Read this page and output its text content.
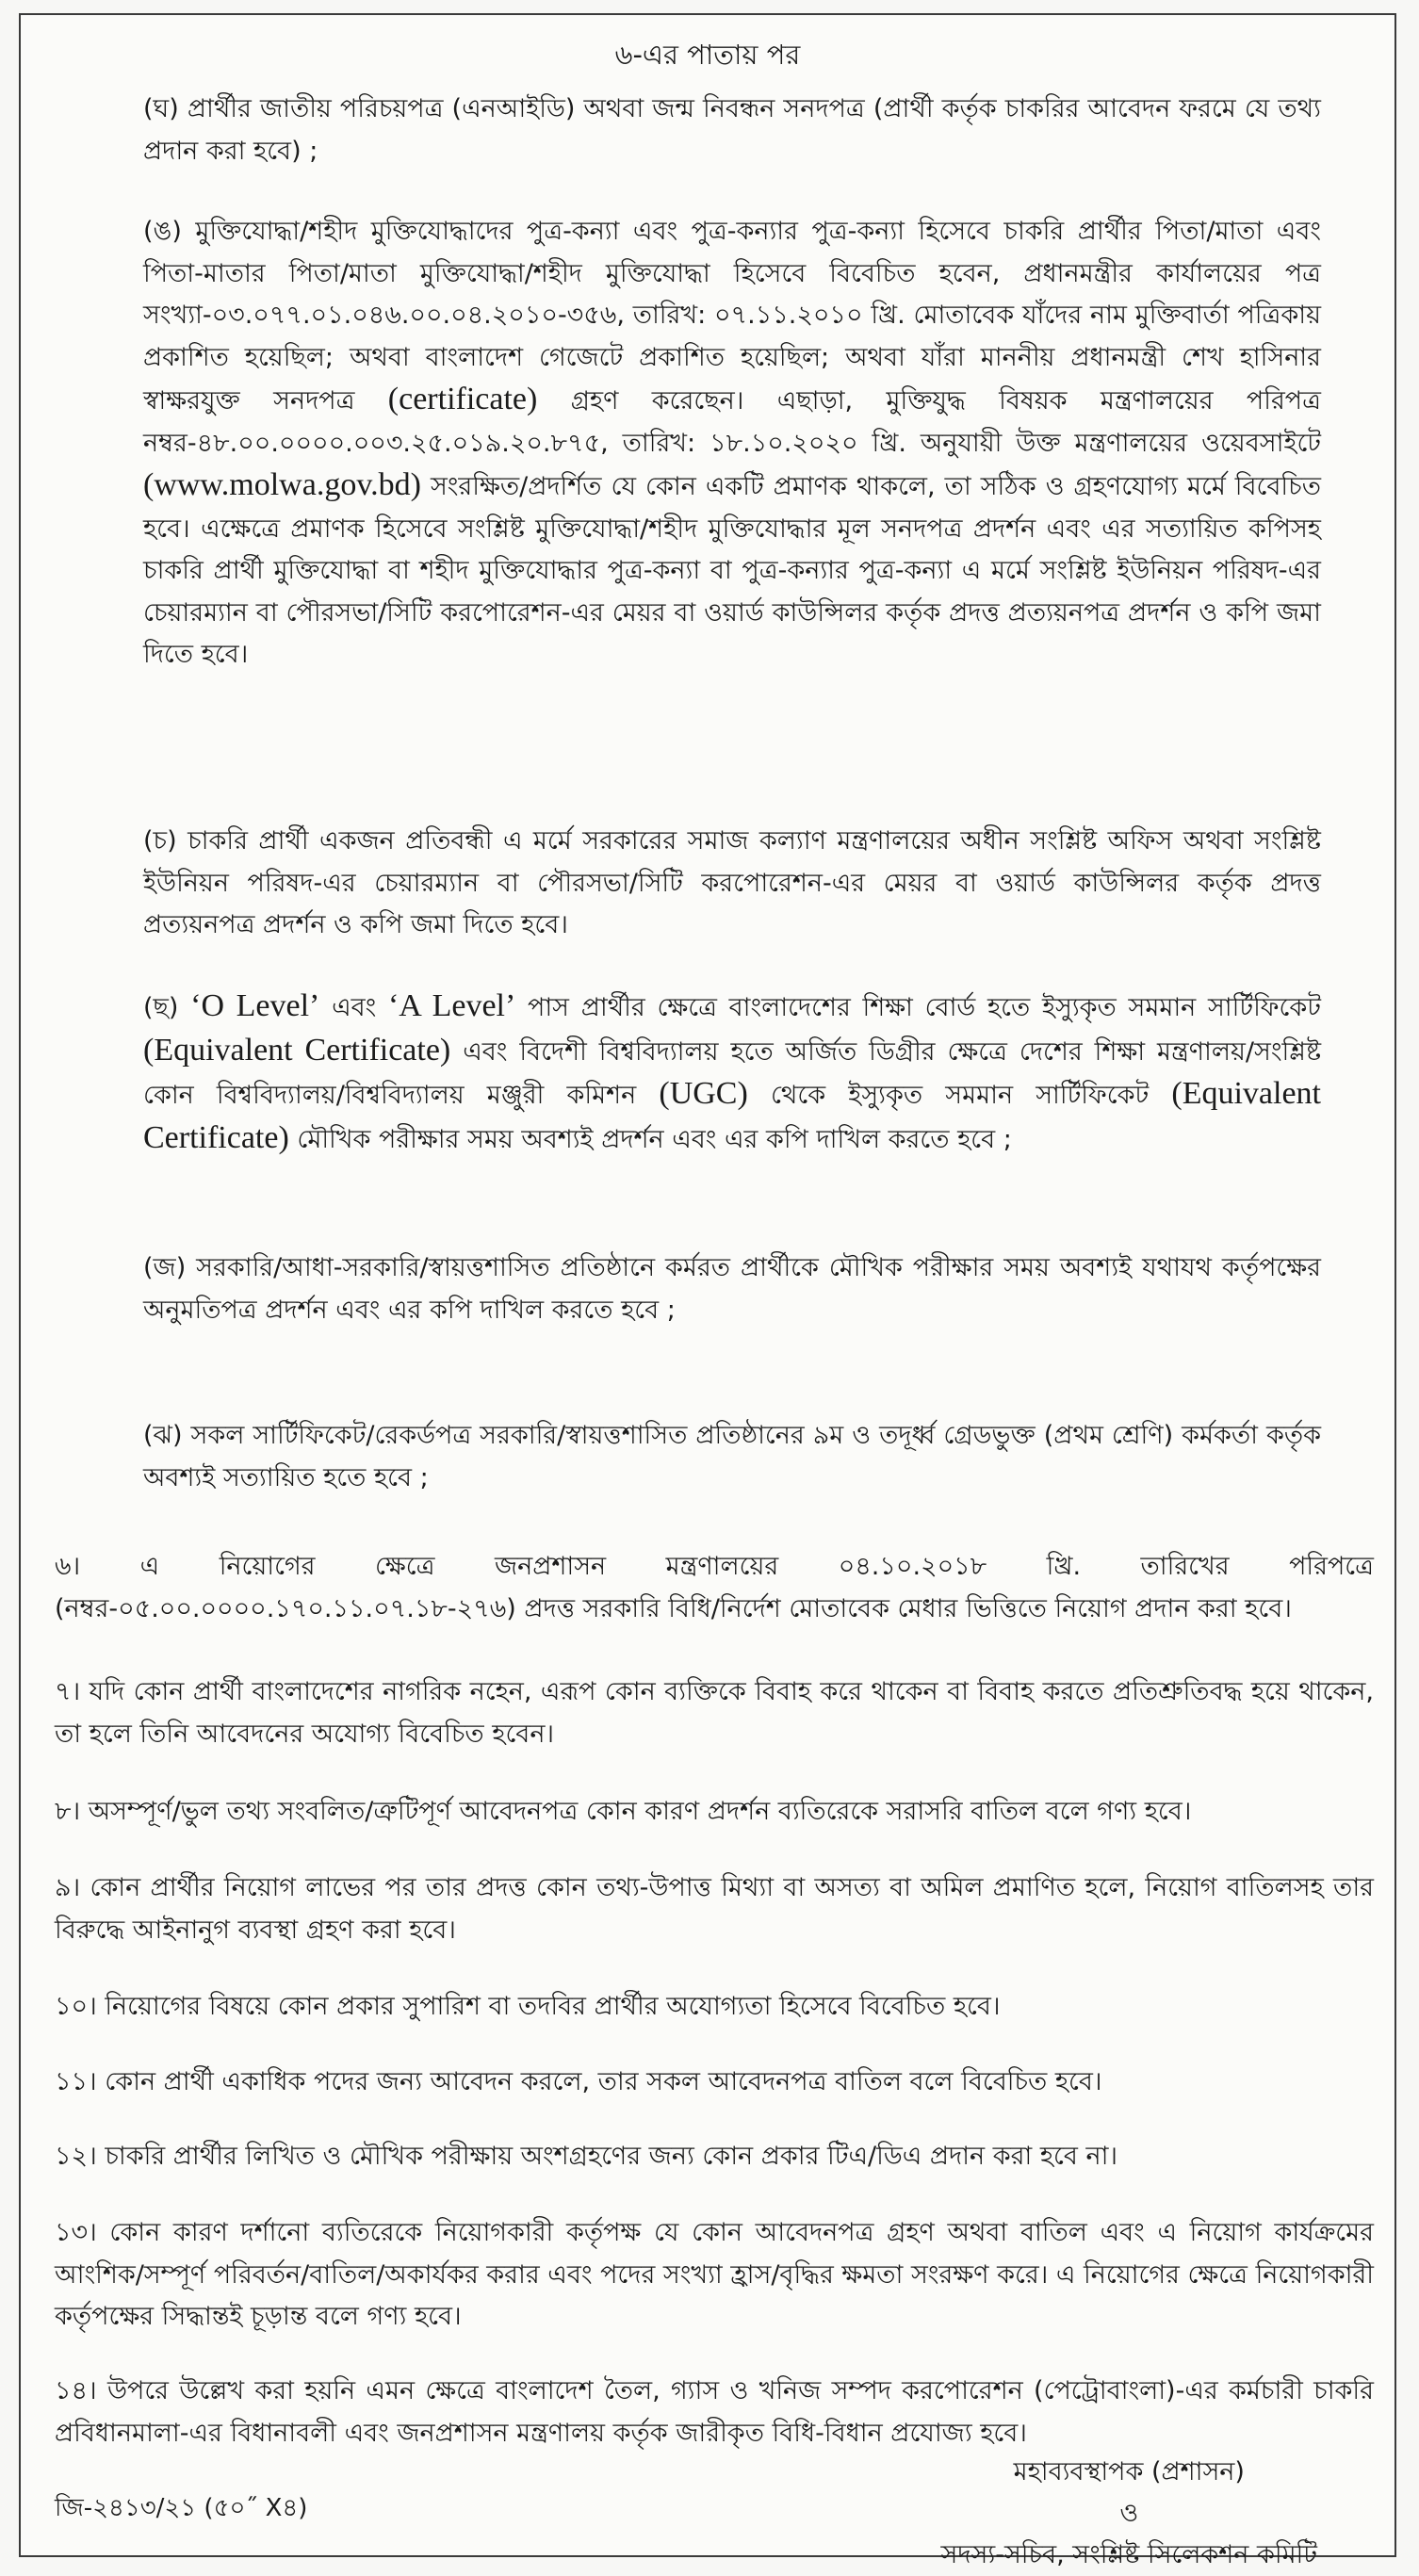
৬-এর পাতায় পর

(ঘ) প্রার্থীর জাতীয় পরিচয়পত্র (এনআইডি) অথবা জন্ম নিবন্ধন সনদপত্র (প্রার্থী কর্তৃক চাকরির আবেদন ফরমে যে তথ্য প্রদান করা হবে) ;

(ঙ) মুক্তিযোদ্ধা/শহীদ মুক্তিযোদ্ধাদের পুত্র-কন্যা এবং পুত্র-কন্যার পুত্র-কন্যা হিসেবে চাকরি প্রার্থীর পিতা/মাতা এবং পিতা-মাতার পিতা/মাতা মুক্তিযোদ্ধা/শহীদ মুক্তিযোদ্ধা হিসেবে বিবেচিত হবেন, প্রধানমন্ত্রীর কার্যালয়ের পত্র সংখ্যা-০৩.০৭৭.০১.০৪৬.০০.০৪.২০১০-৩৫৬, তারিখ: ০৭.১১.২০১০ খ্রি. মোতাবেক যাঁদের নাম মুক্তিবার্তা পত্রিকায় প্রকাশিত হয়েছিল; অথবা বাংলাদেশ গেজেটে প্রকাশিত হয়েছিল; অথবা যাঁরা মাননীয় প্রধানমন্ত্রী শেখ হাসিনার স্বাক্ষরযুক্ত সনদপত্র (certificate) গ্রহণ করেছেন। এছাড়া, মুক্তিযুদ্ধ বিষয়ক মন্ত্রণালয়ের পরিপত্র নম্বর-৪৮.০০.০০০০.০০৩.২৫.০১৯.২০.৮৭৫, তারিখ: ১৮.১০.২০২০ খ্রি. অনুযায়ী উক্ত মন্ত্রণালয়ের ওয়েবসাইটে (www.molwa.gov.bd) সংরক্ষিত/প্রদর্শিত যে কোন একটি প্রমাণক থাকলে, তা সঠিক ও গ্রহণযোগ্য মর্মে বিবেচিত হবে। এক্ষেত্রে প্রমাণক হিসেবে সংশ্লিষ্ট মুক্তিযোদ্ধা/শহীদ মুক্তিযোদ্ধার মূল সনদপত্র প্রদর্শন এবং এর সত্যায়িত কপিসহ চাকরি প্রার্থী মুক্তিযোদ্ধা বা শহীদ মুক্তিযোদ্ধার পুত্র-কন্যা বা পুত্র-কন্যার পুত্র-কন্যা এ মর্মে সংশ্লিষ্ট ইউনিয়ন পরিষদ-এর চেয়ারম্যান বা পৌরসভা/সিটি করপোরেশন-এর মেয়র বা ওয়ার্ড কাউন্সিলর কর্তৃক প্রদত্ত প্রত্যয়নপত্র প্রদর্শন ও কপি জমা দিতে হবে।

(চ) চাকরি প্রার্থী একজন প্রতিবন্ধী এ মর্মে সরকারের সমাজ কল্যাণ মন্ত্রণালয়ের অধীন সংশ্লিষ্ট অফিস অথবা সংশ্লিষ্ট ইউনিয়ন পরিষদ-এর চেয়ারম্যান বা পৌরসভা/সিটি করপোরেশন-এর মেয়র বা ওয়ার্ড কাউন্সিলর কর্তৃক প্রদত্ত প্রত্যয়নপত্র প্রদর্শন ও কপি জমা দিতে হবে।

(ছ) ‘O Level’ এবং ‘A Level’ পাস প্রার্থীর ক্ষেত্রে বাংলাদেশের শিক্ষা বোর্ড হতে ইস্যুকৃত সমমান সার্টিফিকেট (Equivalent Certificate) এবং বিদেশী বিশ্ববিদ্যালয় হতে অর্জিত ডিগ্রীর ক্ষেত্রে দেশের শিক্ষা মন্ত্রণালয়/সংশ্লিষ্ট কোন বিশ্ববিদ্যালয়/বিশ্ববিদ্যালয় মঞ্জুরী কমিশন (UGC) থেকে ইস্যুকৃত সমমান সার্টিফিকেট (Equivalent Certificate) মৌখিক পরীক্ষার সময় অবশ্যই প্রদর্শন এবং এর কপি দাখিল করতে হবে ;

(জ) সরকারি/আধা-সরকারি/স্বায়ত্তশাসিত প্রতিষ্ঠানে কর্মরত প্রার্থীকে মৌখিক পরীক্ষার সময় অবশ্যই যথাযথ কর্তৃপক্ষের অনুমতিপত্র প্রদর্শন এবং এর কপি দাখিল করতে হবে ;

(ঝ) সকল সার্টিফিকেট/রেকর্ডপত্র সরকারি/স্বায়ত্তশাসিত প্রতিষ্ঠানের ৯ম ও তদূর্ধ্ব গ্রেডভুক্ত (প্রথম শ্রেণি) কর্মকর্তা কর্তৃক অবশ্যই সত্যায়িত হতে হবে ;

৬। এ নিয়োগের ক্ষেত্রে জনপ্রশাসন মন্ত্রণালয়ের ০৪.১০.২০১৮ খ্রি. তারিখের পরিপত্রে (নম্বর-০৫.০০.০০০০.১৭০.১১.০৭.১৮-২৭৬) প্রদত্ত সরকারি বিধি/নির্দেশ মোতাবেক মেধার ভিত্তিতে নিয়োগ প্রদান করা হবে।

৭। যদি কোন প্রার্থী বাংলাদেশের নাগরিক নহেন, এরূপ কোন ব্যক্তিকে বিবাহ করে থাকেন বা বিবাহ করতে প্রতিশ্রুতিবদ্ধ হয়ে থাকেন, তা হলে তিনি আবেদনের অযোগ্য বিবেচিত হবেন।

৮। অসম্পূর্ণ/ভুল তথ্য সংবলিত/ত্রুটিপূর্ণ আবেদনপত্র কোন কারণ প্রদর্শন ব্যতিরেকে সরাসরি বাতিল বলে গণ্য হবে।

৯। কোন প্রার্থীর নিয়োগ লাভের পর তার প্রদত্ত কোন তথ্য-উপাত্ত মিথ্যা বা অসত্য বা অমিল প্রমাণিত হলে, নিয়োগ বাতিলসহ তার বিরুদ্ধে আইনানুগ ব্যবস্থা গ্রহণ করা হবে।

১০। নিয়োগের বিষয়ে কোন প্রকার সুপারিশ বা তদবির প্রার্থীর অযোগ্যতা হিসেবে বিবেচিত হবে।

১১। কোন প্রার্থী একাধিক পদের জন্য আবেদন করলে, তার সকল আবেদনপত্র বাতিল বলে বিবেচিত হবে।

১২। চাকরি প্রার্থীর লিখিত ও মৌখিক পরীক্ষায় অংশগ্রহণের জন্য কোন প্রকার টিএ/ডিএ প্রদান করা হবে না।

১৩। কোন কারণ দর্শানো ব্যতিরেকে নিয়োগকারী কর্তৃপক্ষ যে কোন আবেদনপত্র গ্রহণ অথবা বাতিল এবং এ নিয়োগ কার্যক্রমের আংশিক/সম্পূর্ণ পরিবর্তন/বাতিল/অকার্যকর করার এবং পদের সংখ্যা হ্রাস/বৃদ্ধির ক্ষমতা সংরক্ষণ করে। এ নিয়োগের ক্ষেত্রে নিয়োগকারী কর্তৃপক্ষের সিদ্ধান্তই চূড়ান্ত বলে গণ্য হবে।

১৪। উপরে উল্লেখ করা হয়নি এমন ক্ষেত্রে বাংলাদেশ তৈল, গ্যাস ও খনিজ সম্পদ করপোরেশন (পেট্রোবাংলা)-এর কর্মচারী চাকরি প্রবিধানমালা-এর বিধানাবলী এবং জনপ্রশাসন মন্ত্রণালয় কর্তৃক জারীকৃত বিধি-বিধান প্রযোজ্য হবে।

মহাব্যবস্থাপক (প্রশাসন)
ও
সদস্য-সচিব, সংশ্লিষ্ট সিলেকশন কমিটি
জি-২৪১৩/২১ (৫০˝ X৪)
